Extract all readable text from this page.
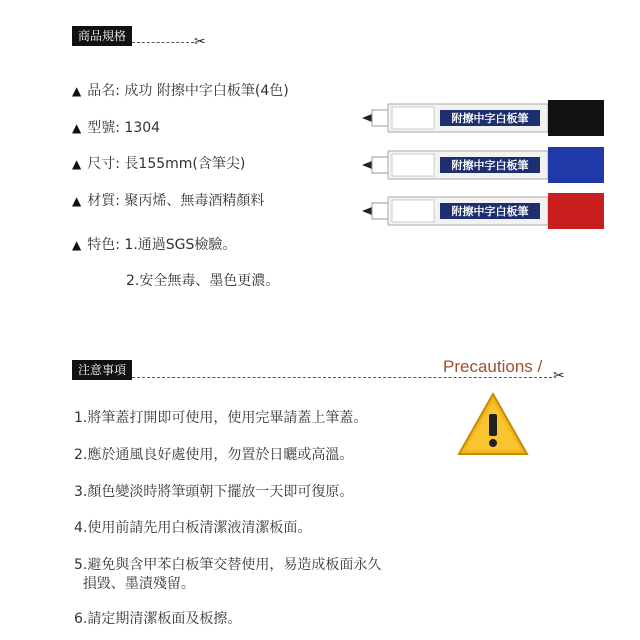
商品規格	✂
▲ 品名: 成功 附擦中字白板筆(4色)
▲ 型號: 1304
▲ 尺寸: 長155mm(含筆尖)
▲ 材質: 聚丙烯、無毒酒精顏料
▲ 特色: 1.通過SGS檢驗。
2.安全無毒、墨色更濃。
附擦中字白板筆
附擦中字白板筆
附擦中字白板筆
注意事項	Precautions / ✂
1.將筆蓋打開即可使用，使用完畢請蓋上筆蓋。
2.應於通風良好處使用，勿置於日曬或高溫。
3.顏色變淡時將筆頭朝下擺放一天即可復原。
4.使用前請先用白板清潔液清潔板面。
5.避免與含甲苯白板筆交替使用，易造成板面永久
損毀、墨漬殘留。
6.請定期清潔板面及板擦。
